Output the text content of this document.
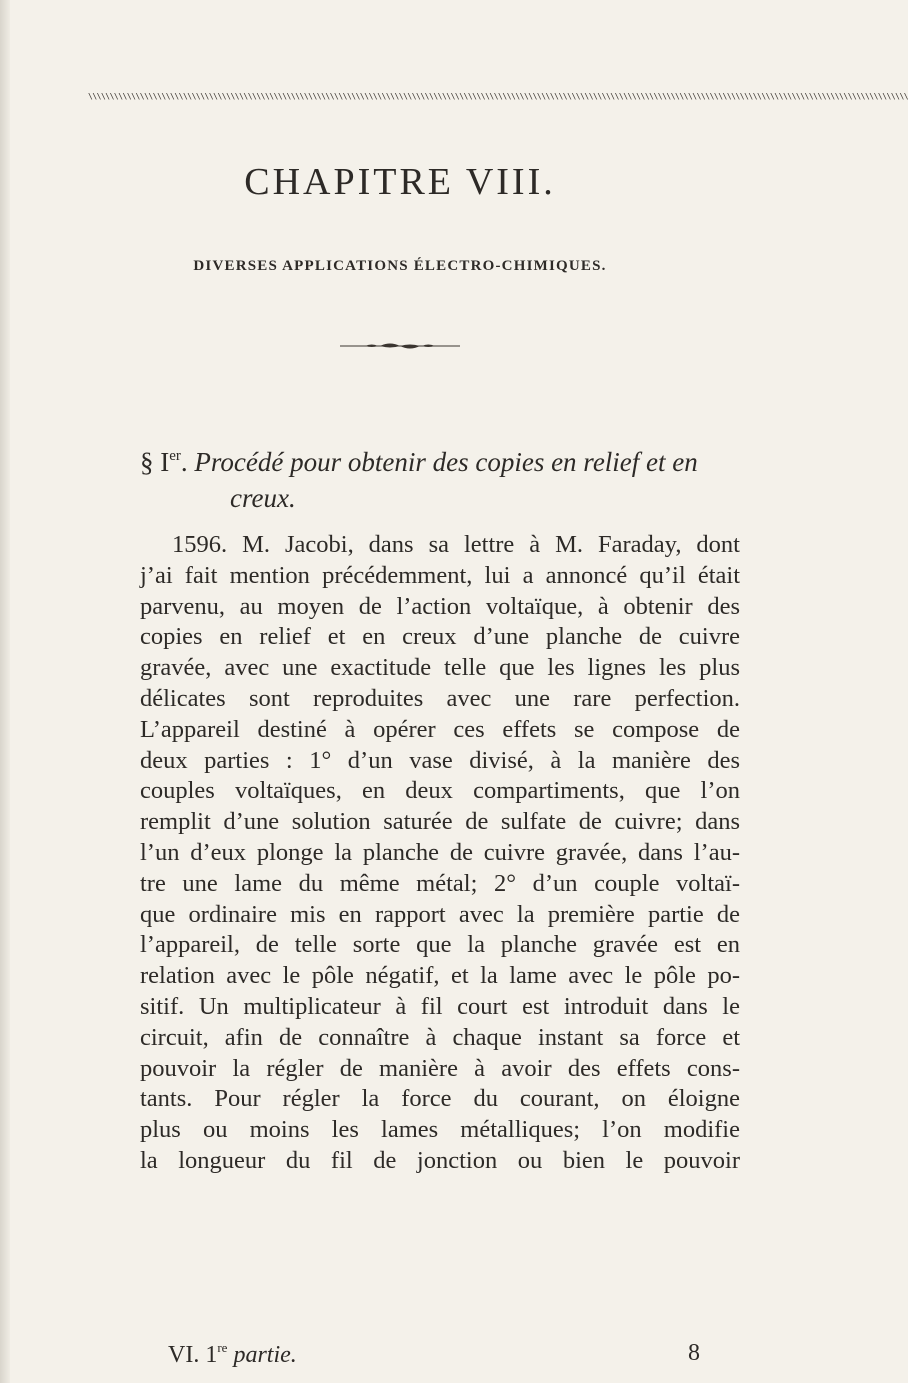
\\\\\\\\\\\\\\\\\\\\\\\\\\\\\\\\\\\\\\\\\\\\\\\\\\\\\\\\\\\\\\\\\\\\\\\\\\\\\\\\\\\\\\\\\\\\\\\\\\\\\\\\\\\\\\\\\\\\\\\\\\\\\\\\\\\\\\\\\\\\\\\\\\\\\\\\\\\\\\\\\\\\\\\\\\\\\\\\\\\\\\\\\\\\\\
CHAPITRE VIII.
DIVERSES APPLICATIONS ÉLECTRO-CHIMIQUES.
§ Ier. Procédé pour obtenir des copies en relief et en
creux.
1596. M. Jacobi, dans sa lettre à M. Faraday, dont
j’ai fait mention précédemment, lui a annoncé qu’il était
parvenu, au moyen de l’action voltaïque, à obtenir des
copies en relief et en creux d’une planche de cuivre
gravée, avec une exactitude telle que les lignes les plus
délicates sont reproduites avec une rare perfection.
L’appareil destiné à opérer ces effets se compose de
deux parties : 1° d’un vase divisé, à la manière des
couples voltaïques, en deux compartiments, que l’on
remplit d’une solution saturée de sulfate de cuivre; dans
l’un d’eux plonge la planche de cuivre gravée, dans l’au-
tre une lame du même métal; 2° d’un couple voltaï-
que ordinaire mis en rapport avec la première partie de
l’appareil, de telle sorte que la planche gravée est en
relation avec le pôle négatif, et la lame avec le pôle po-
sitif. Un multiplicateur à fil court est introduit dans le
circuit, afin de connaître à chaque instant sa force et
pouvoir la régler de manière à avoir des effets cons-
tants. Pour régler la force du courant, on éloigne
plus ou moins les lames métalliques; l’on modifie
la longueur du fil de jonction ou bien le pouvoir
VI. 1re partie.	8
